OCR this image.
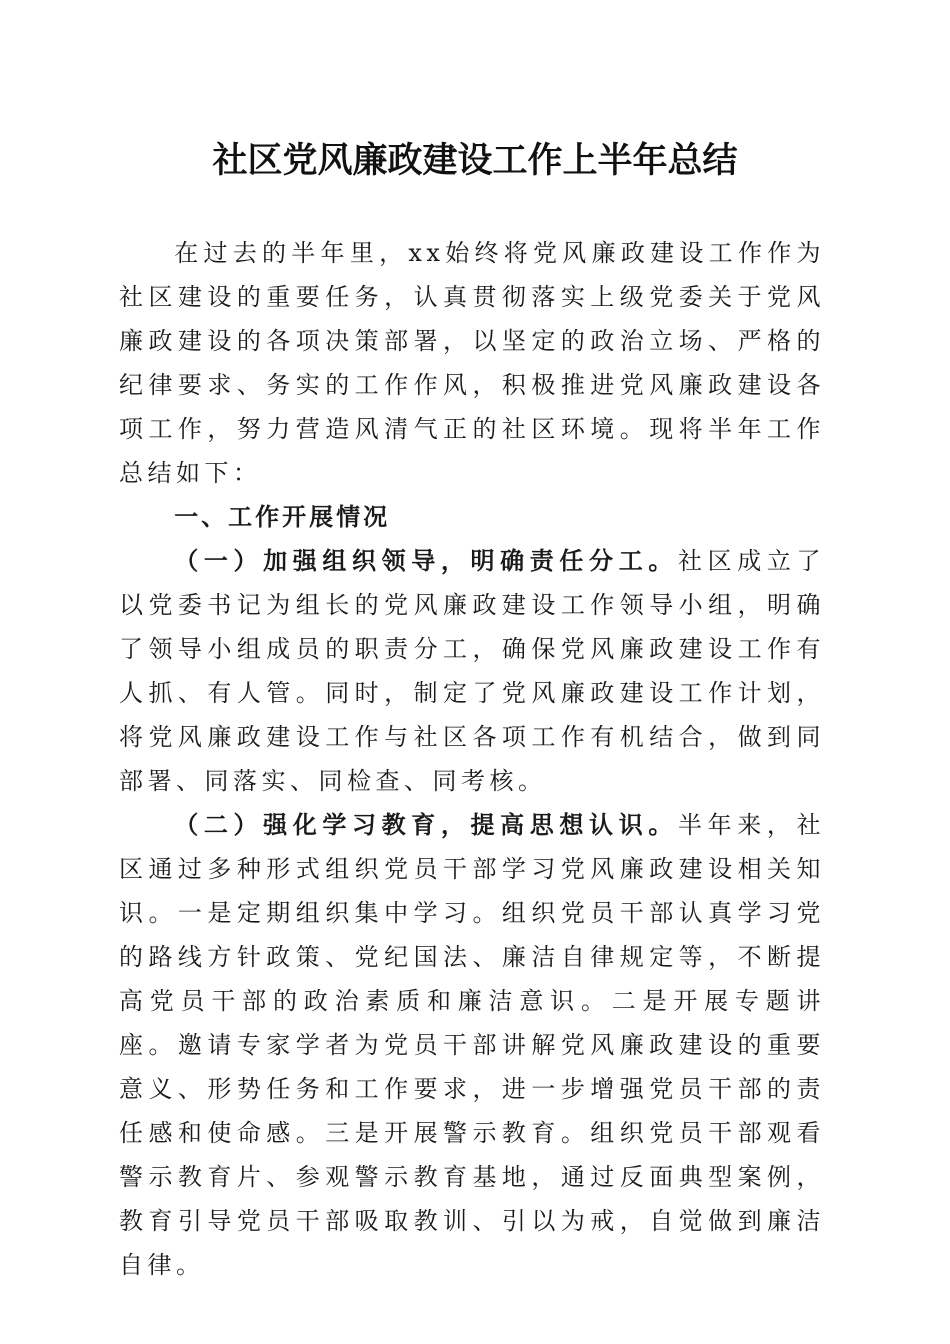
社区党风廉政建设工作上半年总结

在过去的半年里，xx始终将党风廉政建设工作作为社区建设的重要任务，认真贯彻落实上级党委关于党风廉政建设的各项决策部署，以坚定的政治立场、严格的纪律要求、务实的工作作风，积极推进党风廉政建设各项工作，努力营造风清气正的社区环境。现将半年工作总结如下：

一、工作开展情况

（一）加强组织领导，明确责任分工。社区成立了以党委书记为组长的党风廉政建设工作领导小组，明确了领导小组成员的职责分工，确保党风廉政建设工作有人抓、有人管。同时，制定了党风廉政建设工作计划，将党风廉政建设工作与社区各项工作有机结合，做到同部署、同落实、同检查、同考核。

（二）强化学习教育，提高思想认识。半年来，社区通过多种形式组织党员干部学习党风廉政建设相关知识。一是定期组织集中学习。组织党员干部认真学习党的路线方针政策、党纪国法、廉洁自律规定等，不断提高党员干部的政治素质和廉洁意识。二是开展专题讲座。邀请专家学者为党员干部讲解党风廉政建设的重要意义、形势任务和工作要求，进一步增强党员干部的责任感和使命感。三是开展警示教育。组织党员干部观看警示教育片、参观警示教育基地，通过反面典型案例，教育引导党员干部吸取教训、引以为戒，自觉做到廉洁自律。
